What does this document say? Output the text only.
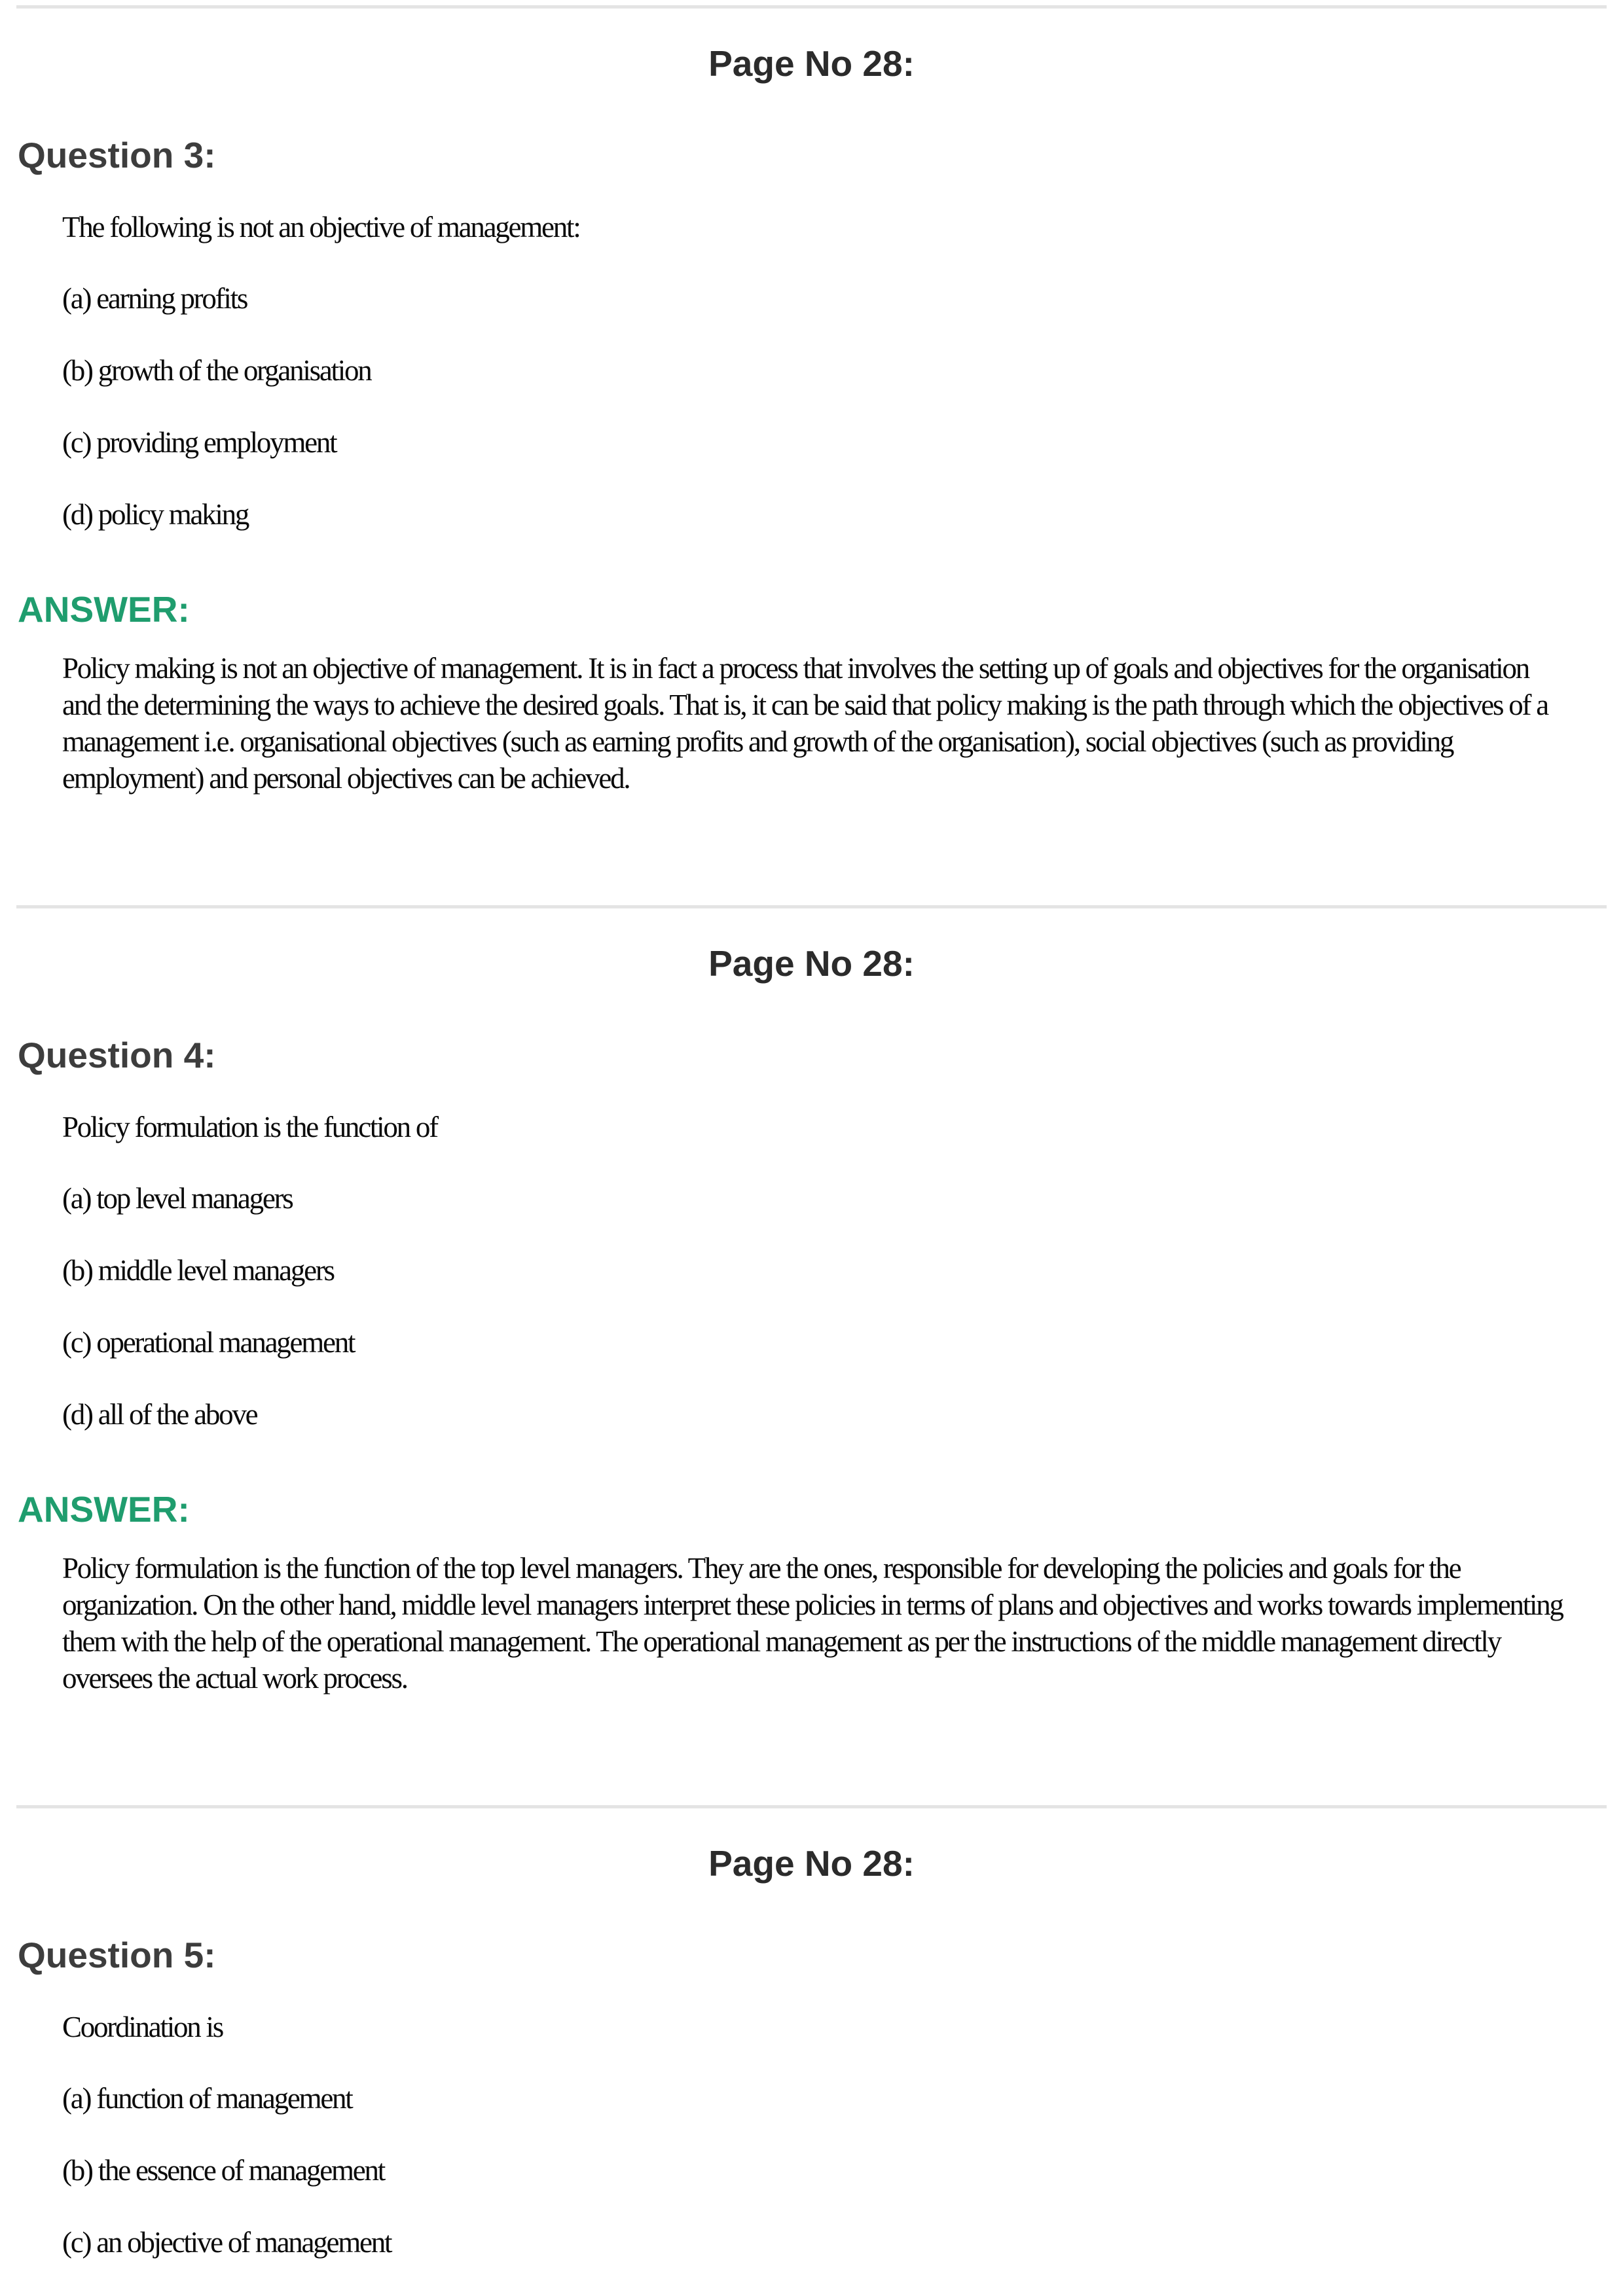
Page No 28:
Question 3:
The following is not an objective of management:
(a) earning profits
(b) growth of the organisation
(c) providing employment
(d) policy making
ANSWER:
Policy making is not an objective of management. It is in fact a process that involves the setting up of goals and objectives for the organisation and the determining the ways to achieve the desired goals. That is, it can be said that policy making is the path through which the objectives of a management i.e. organisational objectives (such as earning profits and growth of the organisation), social objectives (such as providing employment) and personal objectives can be achieved.
Page No 28:
Question 4:
Policy formulation is the function of
(a) top level managers
(b) middle level managers
(c) operational management
(d) all of the above
ANSWER:
Policy formulation is the function of the top level managers. They are the ones, responsible for developing the policies and goals for the organization. On the other hand, middle level managers interpret these policies in terms of plans and objectives and works towards implementing them with the help of the operational management. The operational management as per the instructions of the middle management directly oversees the actual work process.
Page No 28:
Question 5:
Coordination is
(a) function of management
(b) the essence of management
(c) an objective of management
